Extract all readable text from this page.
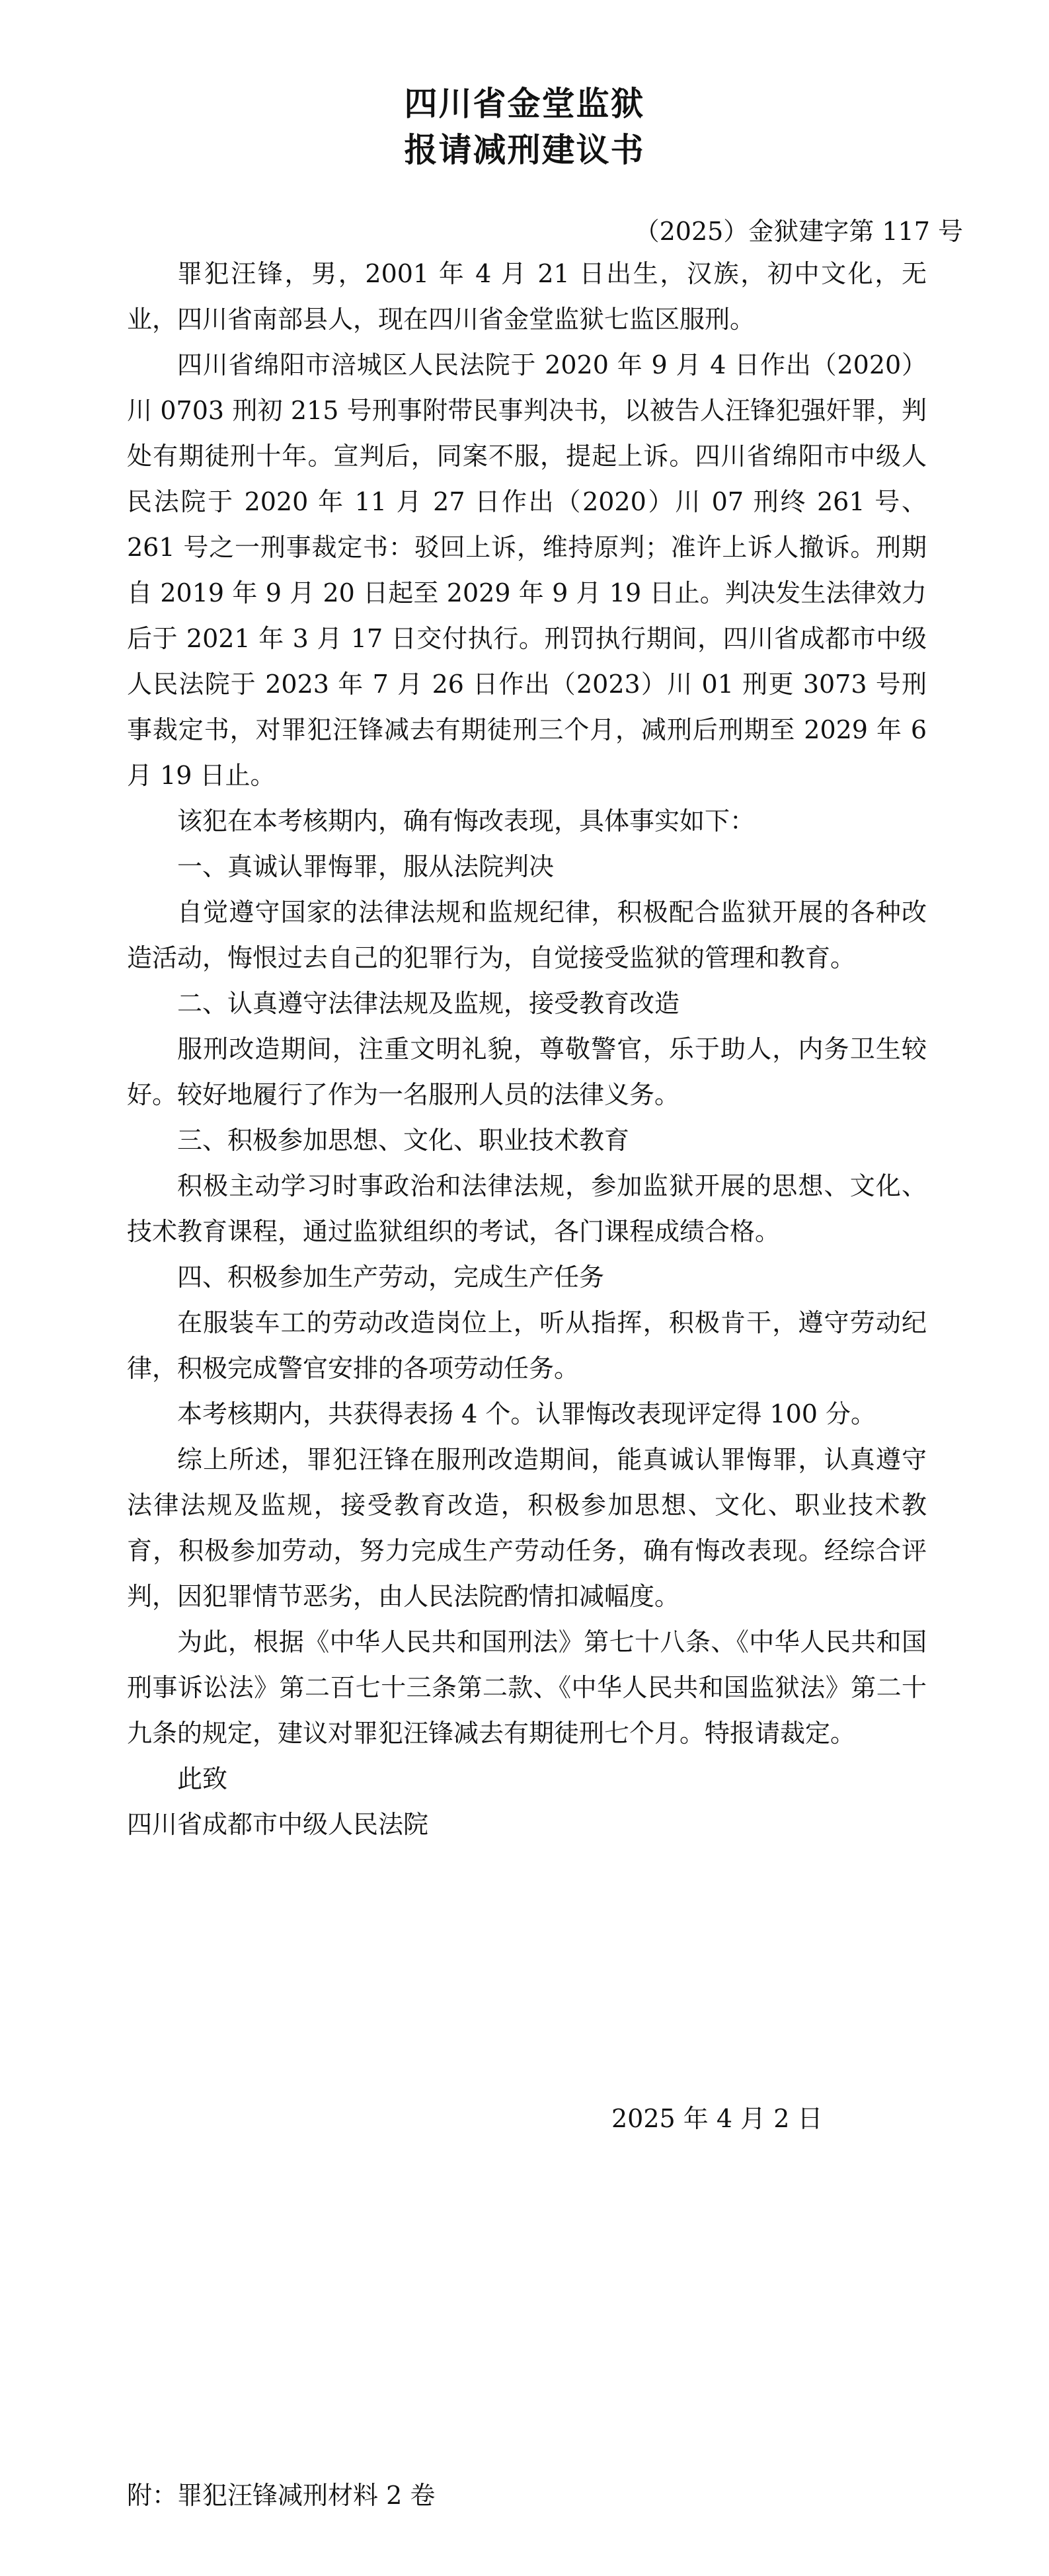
四川省金堂监狱
报请减刑建议书
（2025）金狱建字第 117 号

罪犯汪锋，男，2001 年 4 月 21 日出生，汉族，初中文化，无业，四川省南部县人，现在四川省金堂监狱七监区服刑。

四川省绵阳市涪城区人民法院于 2020 年 9 月 4 日作出（2020）川 0703 刑初 215 号刑事附带民事判决书，以被告人汪锋犯强奸罪，判处有期徒刑十年。宣判后，同案不服，提起上诉。四川省绵阳市中级人民法院于 2020 年 11 月 27 日作出（2020）川 07 刑终 261 号、261 号之一刑事裁定书：驳回上诉，维持原判；准许上诉人撤诉。刑期自 2019 年 9 月 20 日起至 2029 年 9 月 19 日止。判决发生法律效力后于 2021 年 3 月 17 日交付执行。刑罚执行期间，四川省成都市中级人民法院于 2023 年 7 月 26 日作出（2023）川 01 刑更 3073 号刑事裁定书，对罪犯汪锋减去有期徒刑三个月，减刑后刑期至 2029 年 6 月 19 日止。

该犯在本考核期内，确有悔改表现，具体事实如下：

一、真诚认罪悔罪，服从法院判决

自觉遵守国家的法律法规和监规纪律，积极配合监狱开展的各种改造活动，悔恨过去自己的犯罪行为，自觉接受监狱的管理和教育。

二、认真遵守法律法规及监规，接受教育改造

服刑改造期间，注重文明礼貌，尊敬警官，乐于助人，内务卫生较好。较好地履行了作为一名服刑人员的法律义务。

三、积极参加思想、文化、职业技术教育

积极主动学习时事政治和法律法规，参加监狱开展的思想、文化、技术教育课程，通过监狱组织的考试，各门课程成绩合格。

四、积极参加生产劳动，完成生产任务

在服装车工的劳动改造岗位上，听从指挥，积极肯干，遵守劳动纪律，积极完成警官安排的各项劳动任务。

本考核期内，共获得表扬 4 个。认罪悔改表现评定得 100 分。

综上所述，罪犯汪锋在服刑改造期间，能真诚认罪悔罪，认真遵守法律法规及监规，接受教育改造，积极参加思想、文化、职业技术教育，积极参加劳动，努力完成生产劳动任务，确有悔改表现。经综合评判，因犯罪情节恶劣，由人民法院酌情扣减幅度。

为此，根据《中华人民共和国刑法》第七十八条、《中华人民共和国刑事诉讼法》第二百七十三条第二款、《中华人民共和国监狱法》第二十九条的规定，建议对罪犯汪锋减去有期徒刑七个月。特报请裁定。

此致

四川省成都市中级人民法院

2025 年 4 月 2 日
附：罪犯汪锋减刑材料 2 卷
